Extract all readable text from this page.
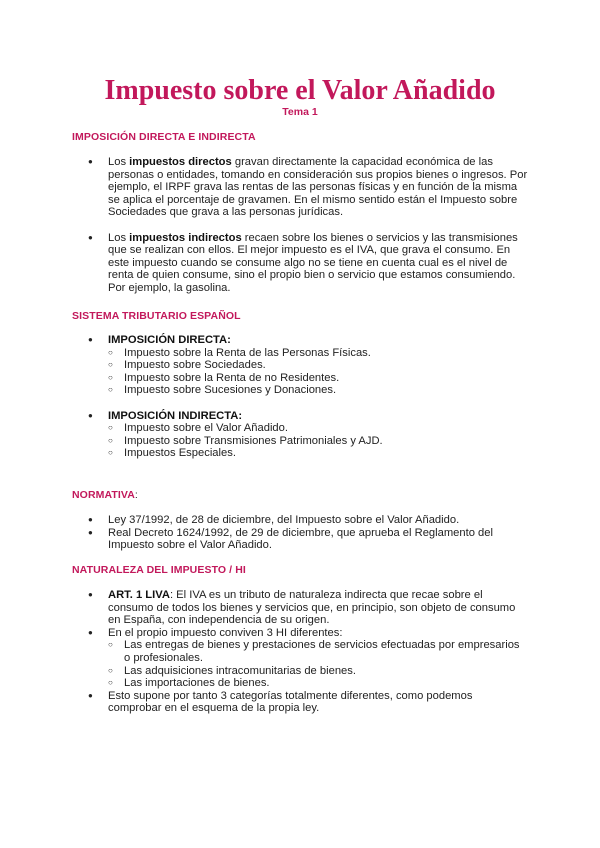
Impuesto sobre el Valor Añadido
Tema 1
IMPOSICIÓN DIRECTA E INDIRECTA

● Los impuestos directos gravan directamente la capacidad económica de las personas o entidades, tomando en consideración sus propios bienes o ingresos. Por ejemplo, el IRPF grava las rentas de las personas físicas y en función de la misma se aplica el porcentaje de gravamen. En el mismo sentido están el Impuesto sobre Sociedades que grava a las personas jurídicas.

● Los impuestos indirectos recaen sobre los bienes o servicios y las transmisiones que se realizan con ellos. El mejor impuesto es el IVA, que grava el consumo. En este impuesto cuando se consume algo no se tiene en cuenta cual es el nivel de renta de quien consume, sino el propio bien o servicio que estamos consumiendo. Por ejemplo, la gasolina.

SISTEMA TRIBUTARIO ESPAÑOL

● IMPOSICIÓN DIRECTA:

○ Impuesto sobre la Renta de las Personas Físicas.

○ Impuesto sobre Sociedades.

○ Impuesto sobre la Renta de no Residentes.

○ Impuesto sobre Sucesiones y Donaciones.

● IMPOSICIÓN INDIRECTA:

○ Impuesto sobre el Valor Añadido.

○ Impuesto sobre Transmisiones Patrimoniales y AJD.

○ Impuestos Especiales.

NORMATIVA:

● Ley 37/1992, de 28 de diciembre, del Impuesto sobre el Valor Añadido.

● Real Decreto 1624/1992, de 29 de diciembre, que aprueba el Reglamento del Impuesto sobre el Valor Añadido.

NATURALEZA DEL IMPUESTO / HI

● ART. 1 LIVA: El IVA es un tributo de naturaleza indirecta que recae sobre el consumo de todos los bienes y servicios que, en principio, son objeto de consumo en España, con independencia de su origen.

● En el propio impuesto conviven 3 HI diferentes:

○ Las entregas de bienes y prestaciones de servicios efectuadas por empresarios o profesionales.

○ Las adquisiciones intracomunitarias de bienes.

○ Las importaciones de bienes.

● Esto supone por tanto 3 categorías totalmente diferentes, como podemos comprobar en el esquema de la propia ley.
